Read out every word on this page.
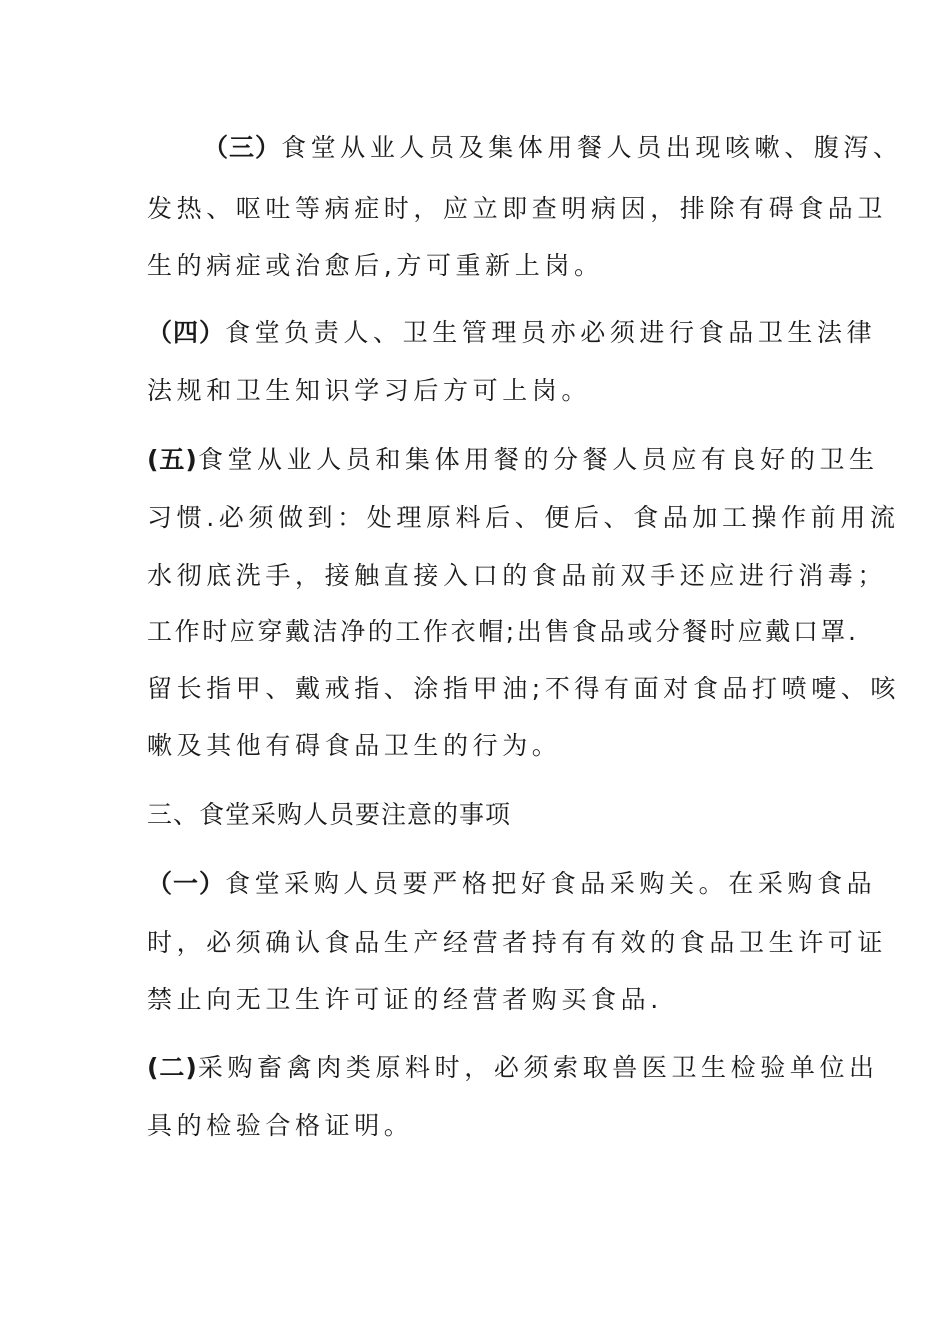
（三）食堂从业人员及集体用餐人员出现咳嗽、腹泻、
发热、呕吐等病症时，应立即查明病因，排除有碍食品卫
生的病症或治愈后,方可重新上岗。
（四）食堂负责人、卫生管理员亦必须进行食品卫生法律
法规和卫生知识学习后方可上岗。
(五)食堂从业人员和集体用餐的分餐人员应有良好的卫生
习惯.必须做到：处理原料后、便后、食品加工操作前用流
水彻底洗手，接触直接入口的食品前双手还应进行消毒；
工作时应穿戴洁净的工作衣帽;出售食品或分餐时应戴口罩.
留长指甲、戴戒指、涂指甲油;不得有面对食品打喷嚏、咳
嗽及其他有碍食品卫生的行为。
三、食堂采购人员要注意的事项
（一）食堂采购人员要严格把好食品采购关。在采购食品
时，必须确认食品生产经营者持有有效的食品卫生许可证
禁止向无卫生许可证的经营者购买食品.
(二)采购畜禽肉类原料时，必须索取兽医卫生检验单位出
具的检验合格证明。
